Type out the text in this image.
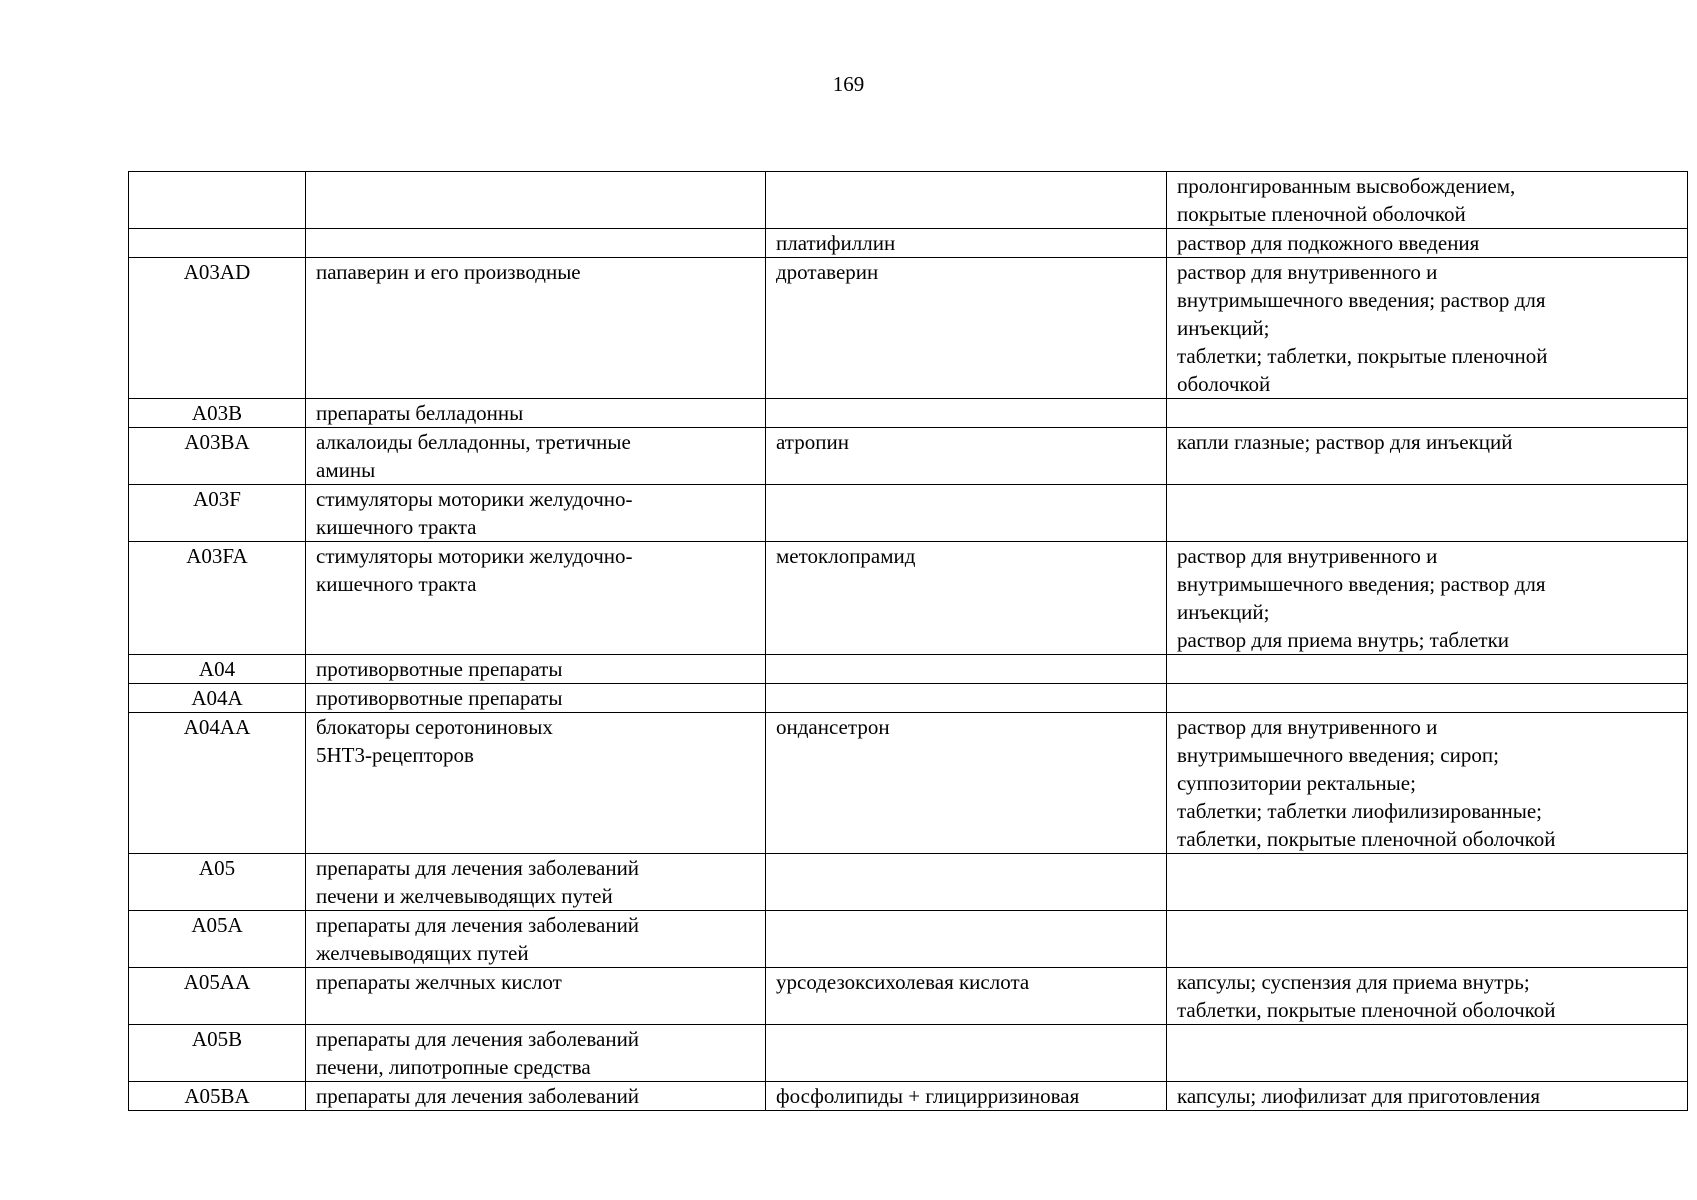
169
			пролонгированным высвобождением,
покрытые пленочной оболочкой
		платифиллин	раствор для подкожного введения
A03AD	папаверин и его производные	дротаверин	раствор для внутривенного и
внутримышечного введения; раствор для
инъекций;
таблетки; таблетки, покрытые пленочной
оболочкой
A03B	препараты белладонны		
A03BA	алкалоиды белладонны, третичные
амины	атропин	капли глазные; раствор для инъекций
A03F	стимуляторы моторики желудочно-
кишечного тракта		
A03FA	стимуляторы моторики желудочно-
кишечного тракта	метоклопрамид	раствор для внутривенного и
внутримышечного введения; раствор для
инъекций;
раствор для приема внутрь; таблетки
A04	противорвотные препараты		
A04A	противорвотные препараты		
A04AA	блокаторы серотониновых
5HT3-рецепторов	ондансетрон	раствор для внутривенного и
внутримышечного введения; сироп;
суппозитории ректальные;
таблетки; таблетки лиофилизированные;
таблетки, покрытые пленочной оболочкой
A05	препараты для лечения заболеваний
печени и желчевыводящих путей		
A05A	препараты для лечения заболеваний
желчевыводящих путей		
A05AA	препараты желчных кислот	урсодезоксихолевая кислота	капсулы; суспензия для приема внутрь;
таблетки, покрытые пленочной оболочкой
A05B	препараты для лечения заболеваний
печени, липотропные средства		
A05BA	препараты для лечения заболеваний	фосфолипиды + глицирризиновая	капсулы; лиофилизат для приготовления
